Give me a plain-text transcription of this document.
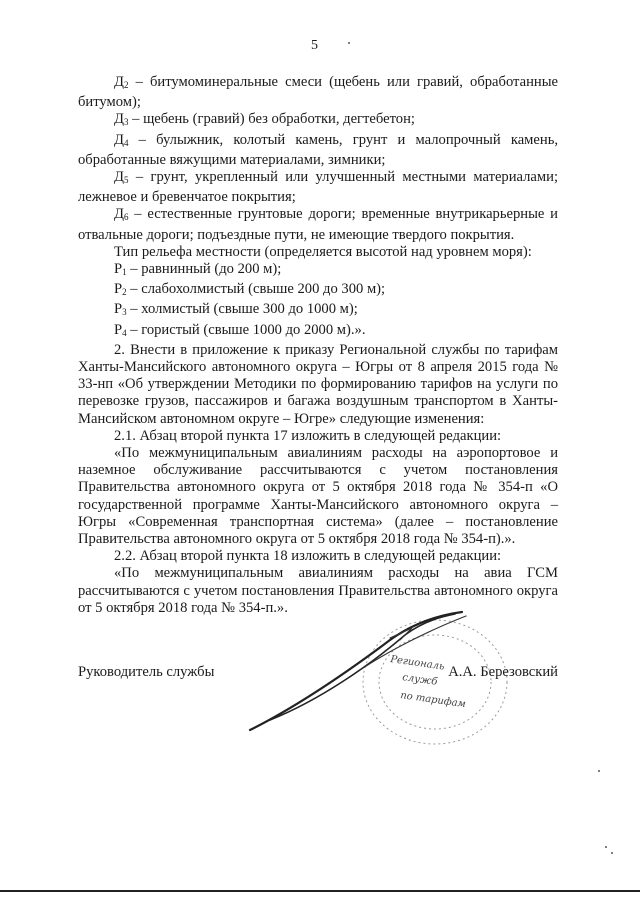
5

$Д_2$ – битумоминеральные смеси (щебень или гравий, обработанные битумом);

$Д_3$ – щебень (гравий) без обработки, дегтебетон;

$Д_4$ – булыжник, колотый камень, грунт и малопрочный камень, обработанные вяжущими материалами, зимники;

$Д_5$ – грунт, укрепленный или улучшенный местными материалами; лежневое и бревенчатое покрытия;

$Д_6$ – естественные грунтовые дороги; временные внутрикарьерные и отвальные дороги; подъездные пути, не имеющие твердого покрытия.

Тип рельефа местности (определяется высотой над уровнем моря):

$Р_1$ – равнинный (до 200 м);

$Р_2$ – слабохолмистый (свыше 200 до 300 м);

$Р_3$ – холмистый (свыше 300 до 1000 м);

$Р_4$ – гористый (свыше 1000 до 2000 м).».

2. Внести в приложение к приказу Региональной службы по тарифам Ханты-Мансийского автономного округа – Югры от 8 апреля 2015 года № 33-нп «Об утверждении Методики по формированию тарифов на услуги по перевозке грузов, пассажиров и багажа воздушным транспортом в Ханты-Мансийском автономном округе – Югре» следующие изменения:

2.1. Абзац второй пункта 17 изложить в следующей редакции:

«По межмуниципальным авиалиниям расходы на аэропортовое и наземное обслуживание рассчитываются с учетом постановления Правительства автономного округа от 5 октября 2018 года № 354-п «О государственной программе Ханты-Мансийского автономного округа – Югры «Современная транспортная система» (далее – постановление Правительства автономного округа от 5 октября 2018 года № 354-п).».

2.2. Абзац второй пункта 18 изложить в следующей редакции:

«По межмуниципальным авиалиниям расходы на авиа ГСМ рассчитываются с учетом постановления Правительства автономного округа от 5 октября 2018 года № 354-п.».

Региональ
служб
по тарифам
Руководитель службы	А.А. Березовский
